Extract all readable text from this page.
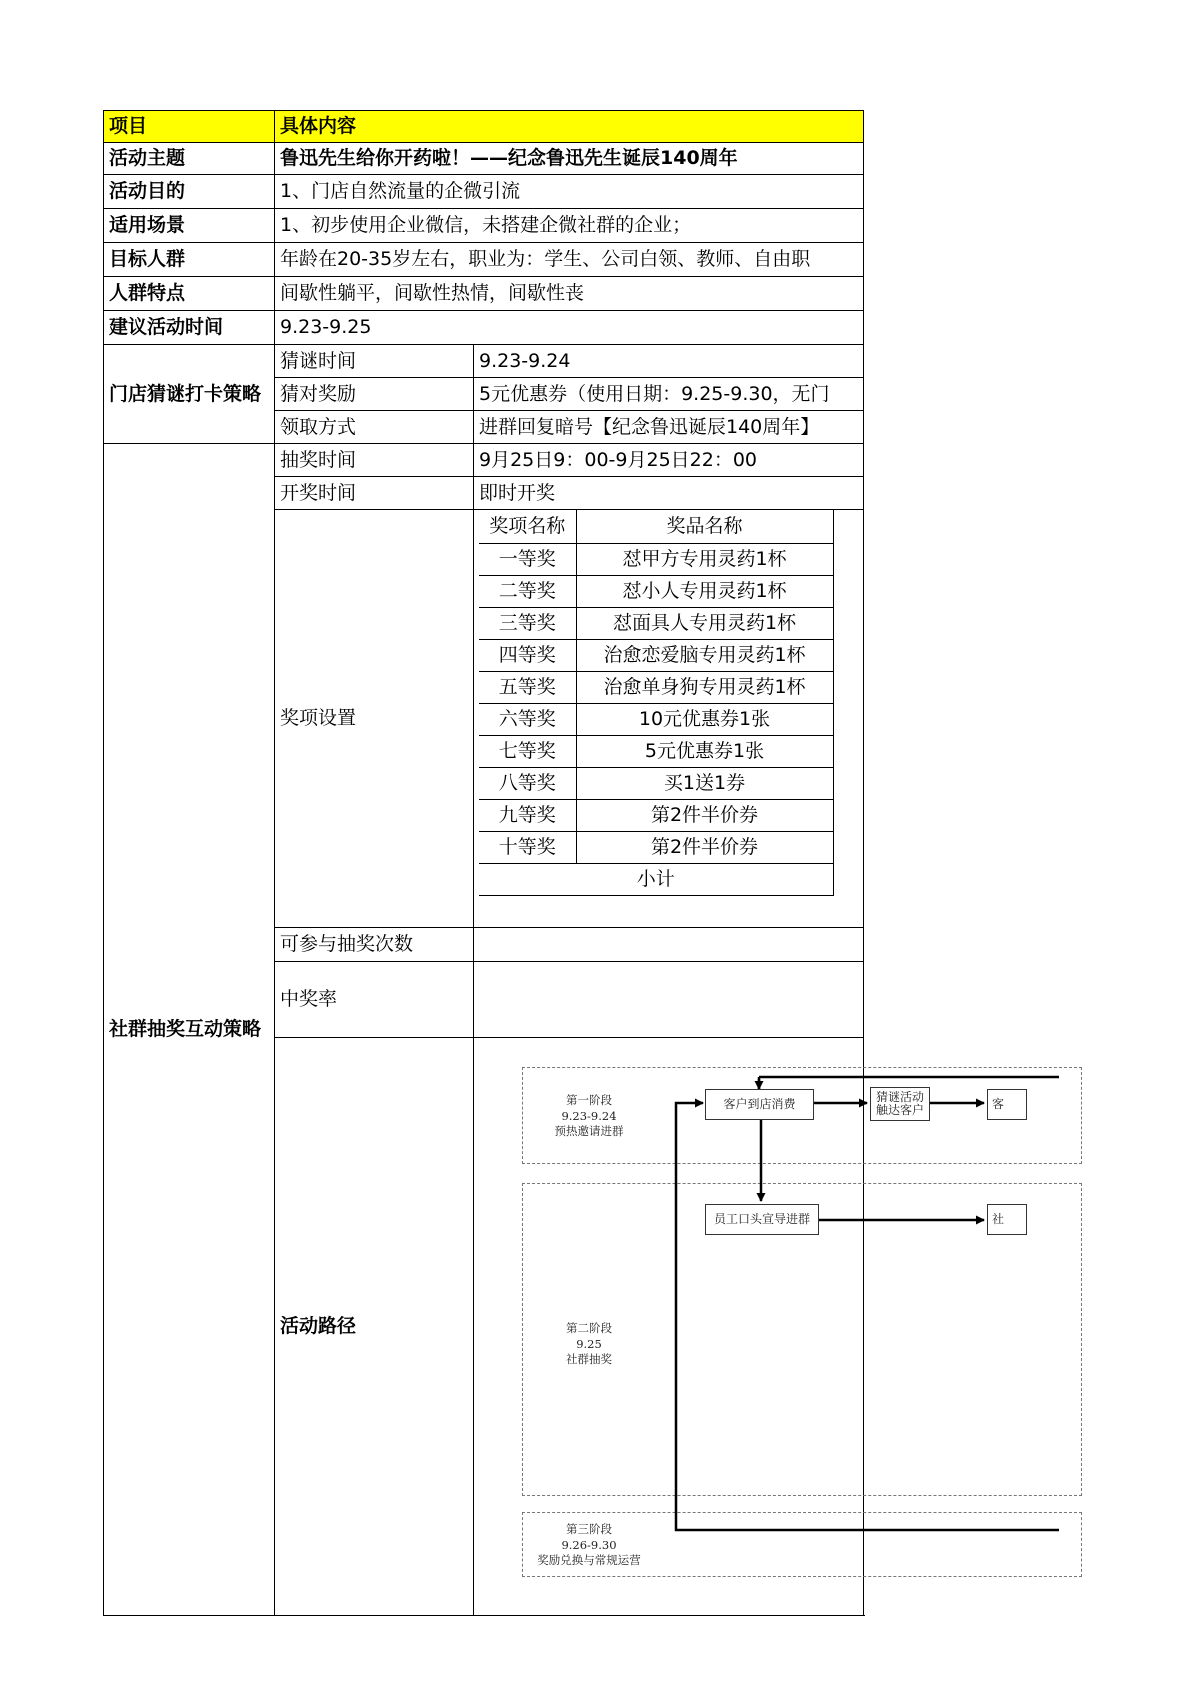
项目	具体内容
活动主题	鲁迅先生给你开药啦！——纪念鲁迅先生诞辰140周年
活动目的	1、门店自然流量的企微引流
适用场景	1、初步使用企业微信，未搭建企微社群的企业；
目标人群	年龄在20-35岁左右，职业为：学生、公司白领、教师、自由职
人群特点	间歇性躺平，间歇性热情，间歇性丧
建议活动时间	9.23-9.25
门店猜谜打卡策略	猜谜时间	9.23-9.24
猜对奖励	5元优惠券（使用日期：9.25-9.30，无门
领取方式	进群回复暗号【纪念鲁迅诞辰140周年】
社群抽奖互动策略	抽奖时间	9月25日9：00-9月25日22：00
开奖时间	即时开奖
奖项设置	
奖项名称	奖品名称
一等奖	怼甲方专用灵药1杯
二等奖	怼小人专用灵药1杯
三等奖	怼面具人专用灵药1杯
四等奖	治愈恋爱脑专用灵药1杯
五等奖	治愈单身狗专用灵药1杯
六等奖	10元优惠券1张
七等奖	5元优惠券1张
八等奖	买1送1券
九等奖	第2件半价券
十等奖	第2件半价券
小计

可参与抽奖次数	
中奖率	
活动路径	
第一阶段
9.23-9.24
预热邀请进群
第二阶段
9.25
社群抽奖
第三阶段
9.26-9.30
奖励兑换与常规运营
客户到店消费	猜谜活动
触达客户	客
员工口头宣导进群	社
